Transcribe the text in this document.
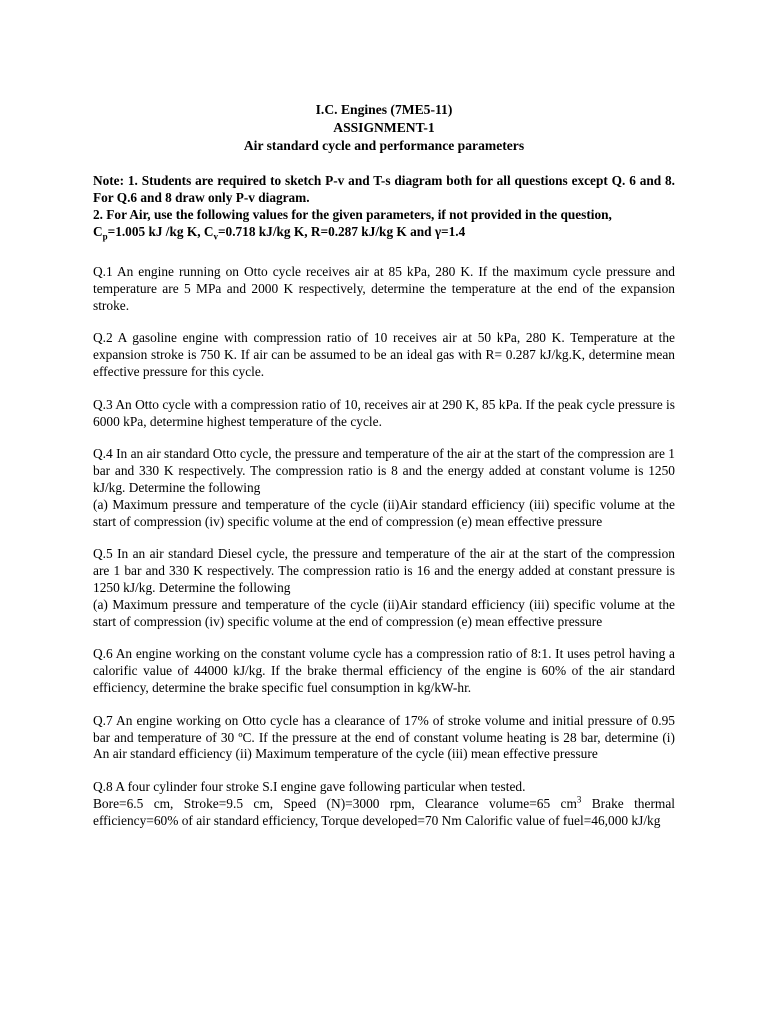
I.C. Engines (7ME5-11)
ASSIGNMENT-1
Air standard cycle and performance parameters

Note: 1. Students are required to sketch P-v and T-s diagram both for all questions except Q. 6 and 8. For Q.6 and 8 draw only P-v diagram.

2. For Air, use the following values for the given parameters, if not provided in the question,

$C_p=1.005$ kJ /kg K, $C_v=0.718$ kJ/kg K, R=0.287 kJ/kg K and γ=1.4

Q.1 An engine running on Otto cycle receives air at 85 kPa, 280 K. If the maximum cycle pressure and temperature are 5 MPa and 2000 K respectively, determine the temperature at the end of the expansion stroke.

Q.2 A gasoline engine with compression ratio of 10 receives air at 50 kPa, 280 K. Temperature at the expansion stroke is 750 K. If air can be assumed to be an ideal gas with R= 0.287 kJ/kg.K, determine mean effective pressure for this cycle.

Q.3 An Otto cycle with a compression ratio of 10, receives air at 290 K, 85 kPa. If the peak cycle pressure is 6000 kPa, determine highest temperature of the cycle.

Q.4 In an air standard Otto cycle, the pressure and temperature of the air at the start of the compression are 1 bar and 330 K respectively. The compression ratio is 8 and the energy added at constant volume is 1250 kJ/kg. Determine the following
(a) Maximum pressure and temperature of the cycle (ii)Air standard efficiency (iii) specific volume at the start of compression (iv) specific volume at the end of compression (e) mean effective pressure
Q.5 In an air standard Diesel cycle, the pressure and temperature of the air at the start of the compression are 1 bar and 330 K respectively. The compression ratio is 16 and the energy added at constant pressure is 1250 kJ/kg. Determine the following
(a) Maximum pressure and temperature of the cycle (ii)Air standard efficiency (iii) specific volume at the start of compression (iv) specific volume at the end of compression (e) mean effective pressure

Q.6 An engine working on the constant volume cycle has a compression ratio of 8:1. It uses petrol having a calorific value of 44000 kJ/kg. If the brake thermal efficiency of the engine is 60% of the air standard efficiency, determine the brake specific fuel consumption in kg/kW-hr.

Q.7 An engine working on Otto cycle has a clearance of 17% of stroke volume and initial pressure of 0.95 bar and temperature of 30 ºC. If the pressure at the end of constant volume heating is 28 bar, determine (i) An air standard efficiency (ii) Maximum temperature of the cycle (iii) mean effective pressure

Q.8 A four cylinder four stroke S.I engine gave following particular when tested.
Bore=6.5 cm, Stroke=9.5 cm, Speed (N)=3000 rpm, Clearance volume=65 $cm^3$ Brake thermal efficiency=60% of air standard efficiency, Torque developed=70 Nm Calorific value of fuel=46,000 kJ/kg
